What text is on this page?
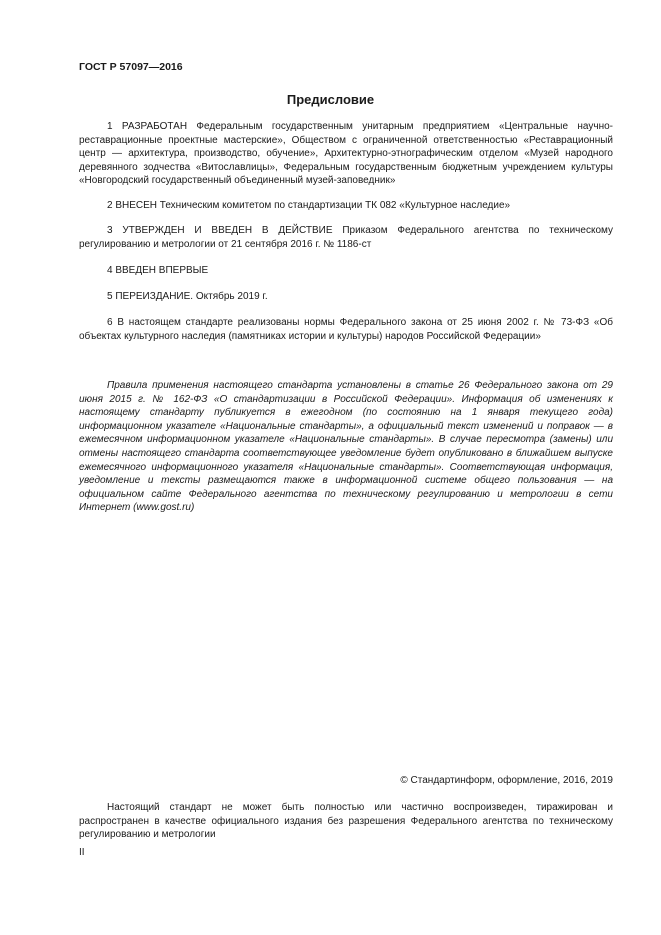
ГОСТ Р 57097—2016
Предисловие

1 РАЗРАБОТАН Федеральным государственным унитарным предприятием «Центральные научно-реставрационные проектные мастерские», Обществом с ограниченной ответственностью «Реставрационный центр — архитектура, производство, обучение», Архитектурно-этнографическим отделом «Музей народного деревянного зодчества «Витославлицы», Федеральным государственным бюджетным учреждением культуры «Новгородский государственный объединенный музей-заповедник»

2 ВНЕСЕН Техническим комитетом по стандартизации ТК 082 «Культурное наследие»

3 УТВЕРЖДЕН И ВВЕДЕН В ДЕЙСТВИЕ Приказом Федерального агентства по техническому регулированию и метрологии от 21 сентября 2016 г. № 1186-ст

4 ВВЕДЕН ВПЕРВЫЕ

5 ПЕРЕИЗДАНИЕ. Октябрь 2019 г.

6 В настоящем стандарте реализованы нормы Федерального закона от 25 июня 2002 г. № 73-ФЗ «Об объектах культурного наследия (памятниках истории и культуры) народов Российской Федерации»

Правила применения настоящего стандарта установлены в статье 26 Федерального закона от 29 июня 2015 г. № 162-ФЗ «О стандартизации в Российской Федерации». Информация об изменениях к настоящему стандарту публикуется в ежегодном (по состоянию на 1 января текущего года) информационном указателе «Национальные стандарты», а официальный текст изменений и поправок — в ежемесячном информационном указателе «Национальные стандарты». В случае пересмотра (замены) или отмены настоящего стандарта соответствующее уведомление будет опубликовано в ближайшем выпуске ежемесячного информационного указателя «Национальные стандарты». Соответствующая информация, уведомление и тексты размещаются также в информационной системе общего пользования — на официальном сайте Федерального агентства по техническому регулированию и метрологии в сети Интернет (www.gost.ru)

© Стандартинформ, оформление, 2016, 2019

Настоящий стандарт не может быть полностью или частично воспроизведен, тиражирован и распространен в качестве официального издания без разрешения Федерального агентства по техническому регулированию и метрологии

II
